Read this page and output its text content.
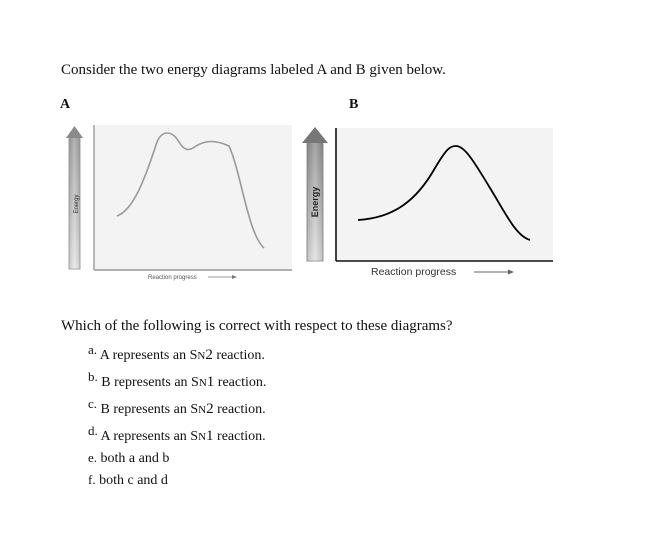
Consider the two energy diagrams labeled A and B given below.
A	B
Energy
Reaction progress
Energy
Reaction progress
Which of the following is correct with respect to these diagrams?
a. A represents an SN2 reaction.
b. B represents an SN1 reaction.
c. B represents an SN2 reaction.
d. A represents an SN1 reaction.
e. both a and b
f. both c and d
